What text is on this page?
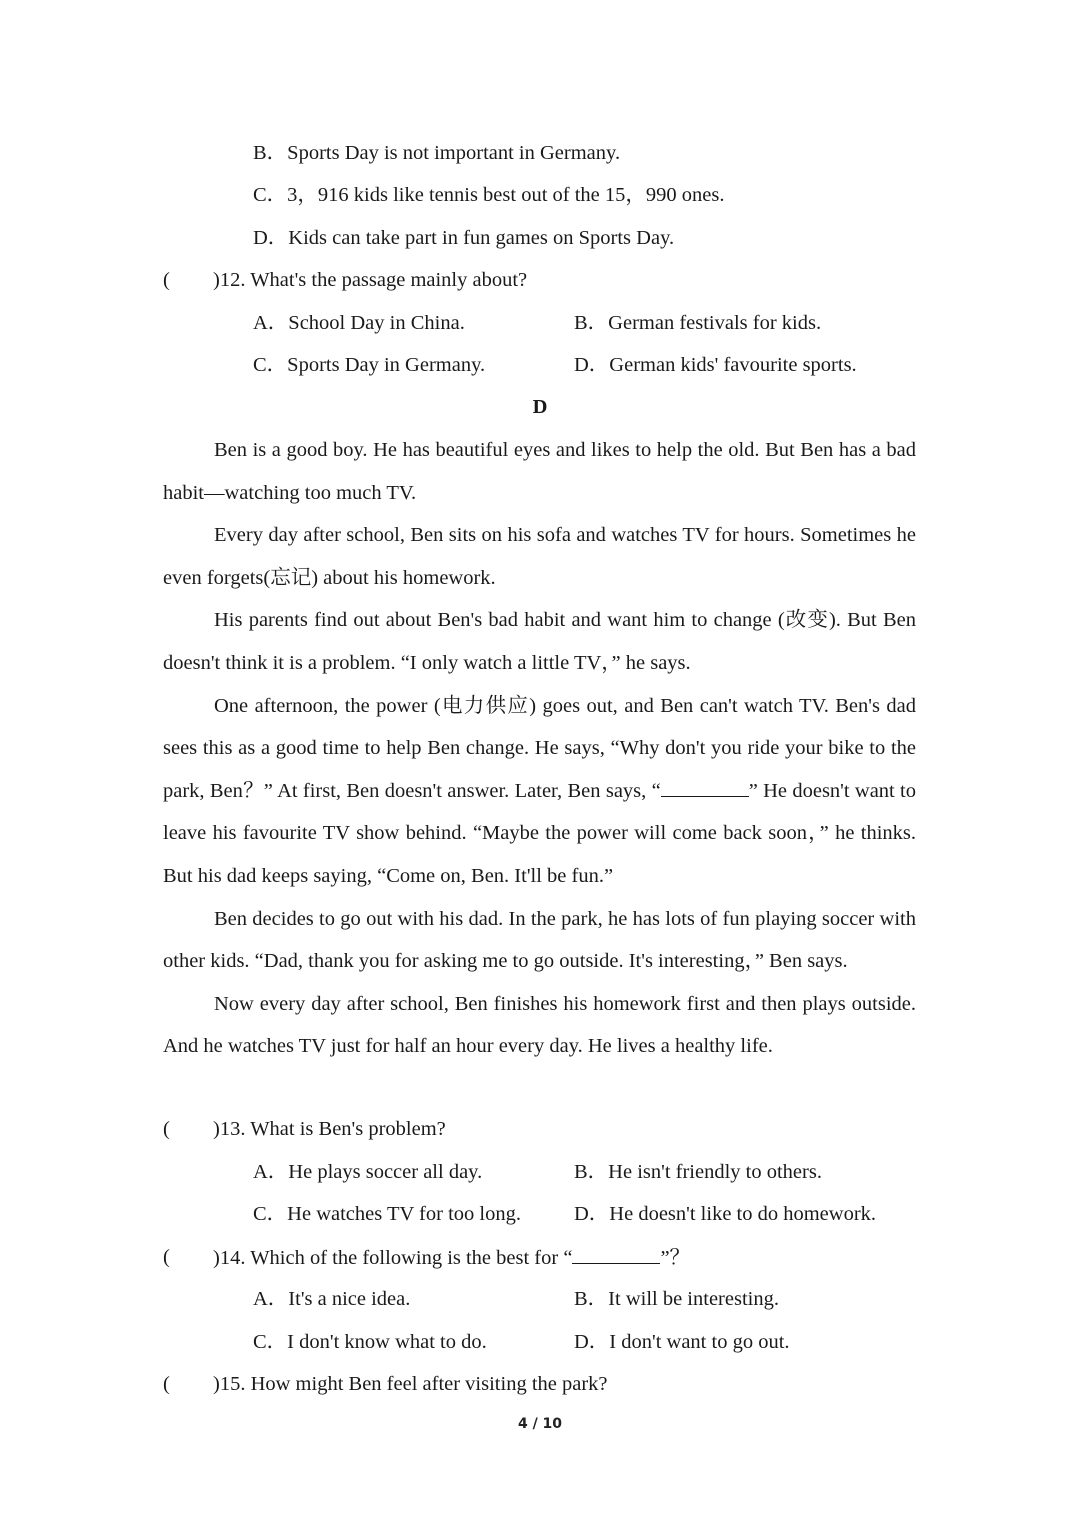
B．Sports Day is not important in Germany.
C．3，916 kids like tennis best out of the 15，990 ones.
D．Kids can take part in fun games on Sports Day.
( )12. What's the passage mainly about?
A．School Day in China.	B．German festivals for kids.
C．Sports Day in Germany.	D．German kids' favourite sports.
D

Ben is a good boy. He has beautiful eyes and likes to help the old. But Ben has a bad habit—watching too much TV.

Every day after school, Ben sits on his sofa and watches TV for hours. Sometimes he even forgets(忘记) about his homework.

His parents find out about Ben's bad habit and want him to change (改变). But Ben doesn't think it is a problem. “I only watch a little TV，” he says.

One afternoon, the power (电力供应) goes out, and Ben can't watch TV. Ben's dad sees this as a good time to help Ben change. He says, “Why don't you ride your bike to the park, Ben？” At first, Ben doesn't answer. Later, Ben says, “	” He doesn't want to leave his favourite TV show behind. “Maybe the power will come back soon，” he thinks. But his dad keeps saying, “Come on, Ben. It'll be fun.”

Ben decides to go out with his dad. In the park, he has lots of fun playing soccer with other kids. “Dad, thank you for asking me to go outside. It's interesting，” Ben says.

Now every day after school, Ben finishes his homework first and then plays outside. And he watches TV just for half an hour every day. He lives a healthy life.

( )13. What is Ben's problem?
A．He plays soccer all day.	B．He isn't friendly to others.
C．He watches TV for too long.	D．He doesn't like to do homework.
( )14. Which of the following is the best for “	”？
A．It's a nice idea.	B．It will be interesting.
C．I don't know what to do.	D．I don't want to go out.
( )15. How might Ben feel after visiting the park?
4 / 10
